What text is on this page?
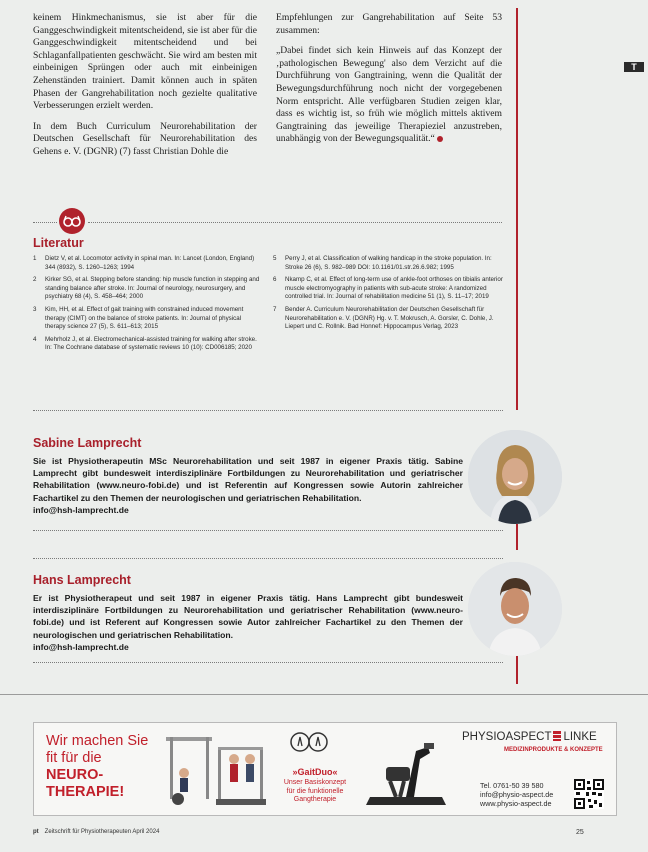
T

keinem Hinkmechanismus, sie ist aber für die Ganggeschwindigkeit mitentscheidend, sie ist aber für die Ganggeschwindigkeit mitentscheidend und bei Schlaganfallpatienten geschwächt. Sie wird am besten mit einbeinigen Sprüngen oder auch mit einbeinigen Zehenständen trainiert. Damit können auch in späten Phasen der Gangrehabilitation noch gezielte qualitative Verbesserungen erzielt werden.

In dem Buch Curriculum Neurorehabilitation der Deutschen Gesellschaft für Neurorehabilitation des Gehens e. V. (DGNR) (7) fasst Christian Dohle die

Empfehlungen zur Gangrehabilitation auf Seite 53 zusammen:

„Dabei findet sich kein Hinweis auf das Konzept der ‚pathologischen Bewegung' also dem Verzicht auf die Durchführung von Gangtraining, wenn die Qualität der Bewegungsdurchführung noch nicht der vorgegebenen Norm entspricht. Alle verfügbaren Studien zeigen klar, dass es wichtig ist, so früh wie möglich mittels aktivem Gangtraining das jeweilige Therapieziel anzustreben, unabhängig von der Bewegungsqualität.“

Literatur
1	Dietz V, et al. Locomotor activity in spinal man. In: Lancet (London, England) 344 (8932), S. 1260–1263; 1994
2	Kirker SG, et al. Stepping before standing: hip muscle function in stepping and standing balance after stroke. In: Journal of neurology, neurosurgery, and psychiatry 68 (4), S. 458–464; 2000
3	Kim, HH, et al. Effect of gait training with constrained induced movement therapy (CIMT) on the balance of stroke patients. In: Journal of physical therapy science 27 (5), S. 611–613; 2015
4	Mehrholz J, et al. Electromechanical-assisted training for walking after stroke. In: The Cochrane database of systematic reviews 10 (10): CD006185; 2020
5	Perry J, et al. Classification of walking handicap in the stroke population. In: Stroke 26 (6), S. 982–989 DOI: 10.1161/01.str.26.6.982; 1995
6	Nkamp C, et al. Effect of long-term use of ankle-foot orthoses on tibialis anterior muscle electromyography in patients with sub-acute stroke: A randomized controlled trial. In: Journal of rehabilitation medicine 51 (1), S. 11–17; 2019
7	Bender A. Curriculum Neurorehabilitation der Deutschen Gesellschaft für Neurorehabilitation e. V. (DGNR) Hg. v. T. Mokrusch, A. Gorsler, C. Dohle, J. Liepert und C. Rollnik. Bad Honnef: Hippocampus Verlag, 2023
Sabine Lamprecht
Sie ist Physiotherapeutin MSc Neurorehabilitation und seit 1987 in eigener Praxis tätig. Sabine Lamprecht gibt bundesweit interdisziplinäre Fortbildungen zu Neurorehabilitation und geriatrischer Rehabilitation (www.neuro-fobi.de) und ist Referentin auf Kongressen sowie Autorin zahlreicher Fachartikel zu den Themen der neurologischen und geriatrischen Rehabilitation.
info@hsh-lamprecht.de
Hans Lamprecht
Er ist Physiotherapeut und seit 1987 in eigener Praxis tätig. Hans Lamprecht gibt bundesweit interdisziplinäre Fortbildungen zu Neurorehabilitation und geriatrischer Rehabilitation (www.neuro-fobi.de) und ist Referent auf Kongressen sowie Autor zahlreicher Fachartikel zu den Themen der neurologischen und geriatrischen Rehabilitation.
info@hsh-lamprecht.de
Wir machen Sie
fit für die
NEURO-
THERAPIE!
»GaitDuo«
Unser Basiskonzept
für die funktionelle
Gangtherapie
PHYSIOASPECT LINKE
MEDIZINPRODUKTE & KONZEPTE
Tel. 0761-50 39 580
info@physio-aspect.de
www.physio-aspect.de
pt Zeitschrift für Physiotherapeuten April 2024	25
